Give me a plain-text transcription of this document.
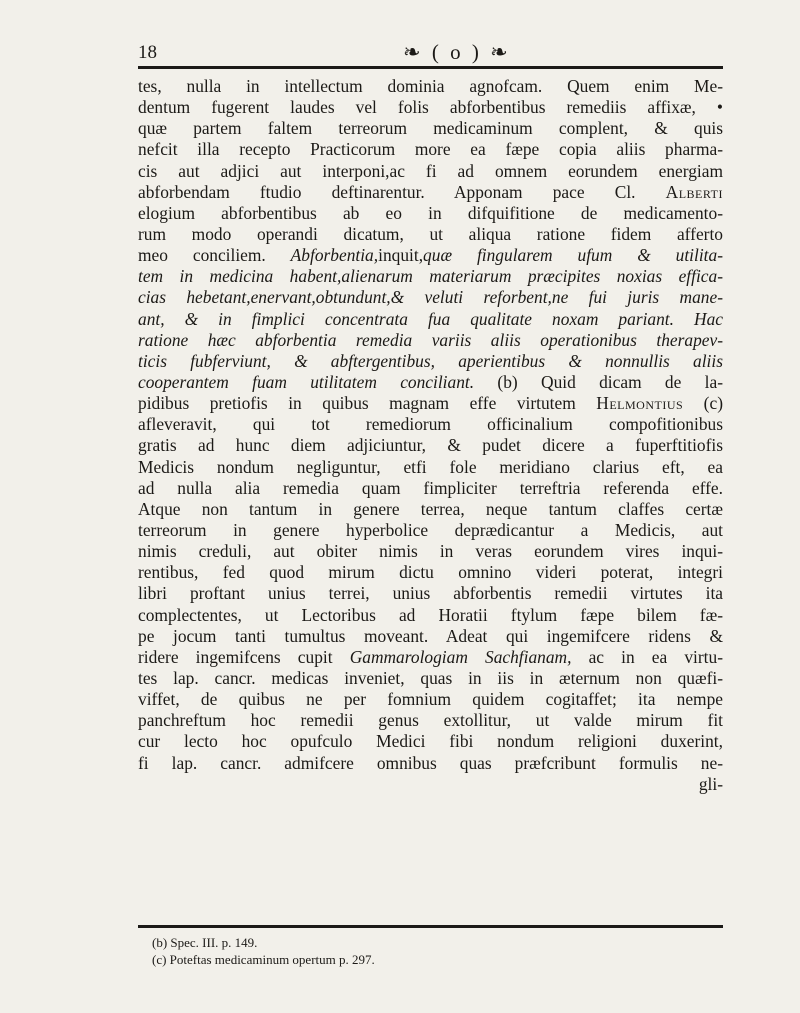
18	❧ ( o ) ❧
tes, nulla in intellectum dominia agnofcam. Quem enim Me-
dentum fugerent laudes vel folis abforbentibus remediis affixæ, •
quæ partem faltem terreorum medicaminum complent, & quis
nefcit illa recepto Practicorum more ea fæpe copia aliis pharma-
cis aut adjici aut interponi,ac fi ad omnem eorundem energiam
abforbendam ftudio deftinarentur. Apponam pace Cl. Alberti
elogium abforbentibus ab eo in difquifitione de medicamento-
rum modo operandi dicatum, ut aliqua ratione fidem afferto
meo conciliem. Abforbentia,inquit,quæ fingularem ufum & utilita-
tem in medicina habent,alienarum materiarum præcipites noxias effica-
cias hebetant,enervant,obtundunt,& veluti reforbent,ne fui juris mane-
ant, & in fimplici concentrata fua qualitate noxam pariant. Hac
ratione hæc abforbentia remedia variis aliis operationibus therapev-
ticis fubferviunt, & abftergentibus, aperientibus & nonnullis aliis
cooperantem fuam utilitatem conciliant. (b) Quid dicam de la-
pidibus pretiofis in quibus magnam effe virtutem Helmontius (c)
afleveravit, qui tot remediorum officinalium compofitionibus
gratis ad hunc diem adjiciuntur, & pudet dicere a fuperftitiofis
Medicis nondum negliguntur, etfi fole meridiano clarius eft, ea
ad nulla alia remedia quam fimpliciter terreftria referenda effe.
Atque non tantum in genere terrea, neque tantum claffes certæ
terreorum in genere hyperbolice deprædicantur a Medicis, aut
nimis creduli, aut obiter nimis in veras eorundem vires inqui-
rentibus, fed quod mirum dictu omnino videri poterat, integri
libri proftant unius terrei, unius abforbentis remedii virtutes ita
complectentes, ut Lectoribus ad Horatii ftylum fæpe bilem fæ-
pe jocum tanti tumultus moveant. Adeat qui ingemifcere ridens &
ridere ingemifcens cupit Gammarologiam Sachfianam, ac in ea virtu-
tes lap. cancr. medicas inveniet, quas in iis in æternum non quæfi-
viffet, de quibus ne per fomnium quidem cogitaffet; ita nempe
panchreftum hoc remedii genus extollitur, ut valde mirum fit
cur lecto hoc opufculo Medici fibi nondum religioni duxerint,
fi lap. cancr. admifcere omnibus quas præfcribunt formulis ne-
gli-
(b) Spec. III. p. 149.
(c) Poteftas medicaminum opertum p. 297.
